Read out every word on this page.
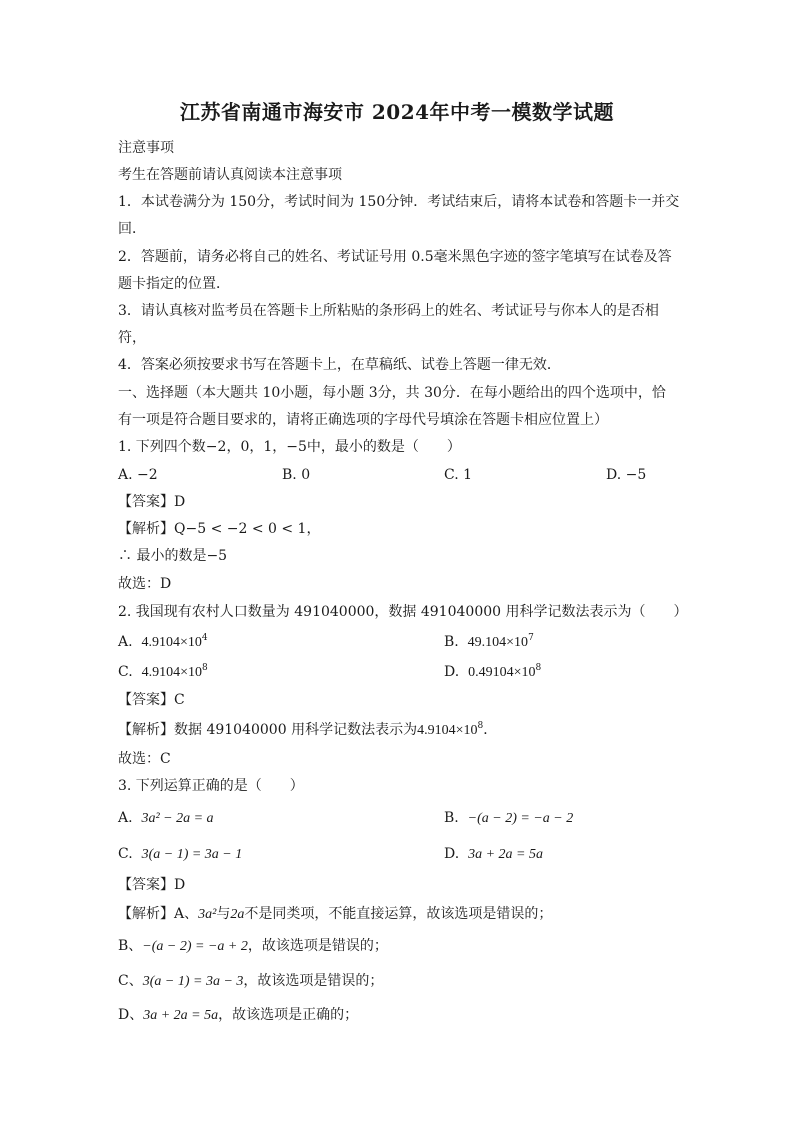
江苏省南通市海安市 2024年中考一模数学试题
注意事项
考生在答题前请认真阅读本注意事项
1．本试卷满分为 150分，考试时间为 150分钟．考试结束后，请将本试卷和答题卡一并交
回．
2．答题前，请务必将自己的姓名、考试证号用 0.5毫米黑色字迹的签字笔填写在试卷及答
题卡指定的位置．
3．请认真核对监考员在答题卡上所粘贴的条形码上的姓名、考试证号与你本人的是否相
符，
4．答案必须按要求书写在答题卡上，在草稿纸、试卷上答题一律无效．
一、选择题（本大题共 10小题，每小题 3分，共 30分．在每小题给出的四个选项中，恰
有一项是符合题目要求的，请将正确选项的字母代号填涂在答题卡相应位置上）
1. 下列四个数−2，0，1，−5中，最小的数是（　　）
A. −2	B. 0	C. 1	D. −5
【答案】D
【解析】Q−5 < −2 < 0 < 1，
∴ 最小的数是−5
故选：D
2. 我国现有农村人口数量为 491040000，数据 491040000 用科学记数法表示为（　　）
A. $4.9104\times 10^4$	B. $49.104\times 10^7$
C. $4.9104\times 10^8$	D. $0.49104\times 10^8$
【答案】C
【解析】数据 491040000 用科学记数法表示为$4.9104\times 10^8$．
故选：C
3. 下列运算正确的是（　　）
A. 3a² − 2a = a	B. −(a − 2) = −a − 2
C. 3(a − 1) = 3a − 1	D. 3a + 2a = 5a
【答案】D
【解析】A、3a²与2a不是同类项，不能直接运算，故该选项是错误的；
B、−(a − 2) = −a + 2，故该选项是错误的；
C、3(a − 1) = 3a − 3，故该选项是错误的；
D、3a + 2a = 5a，故该选项是正确的；
